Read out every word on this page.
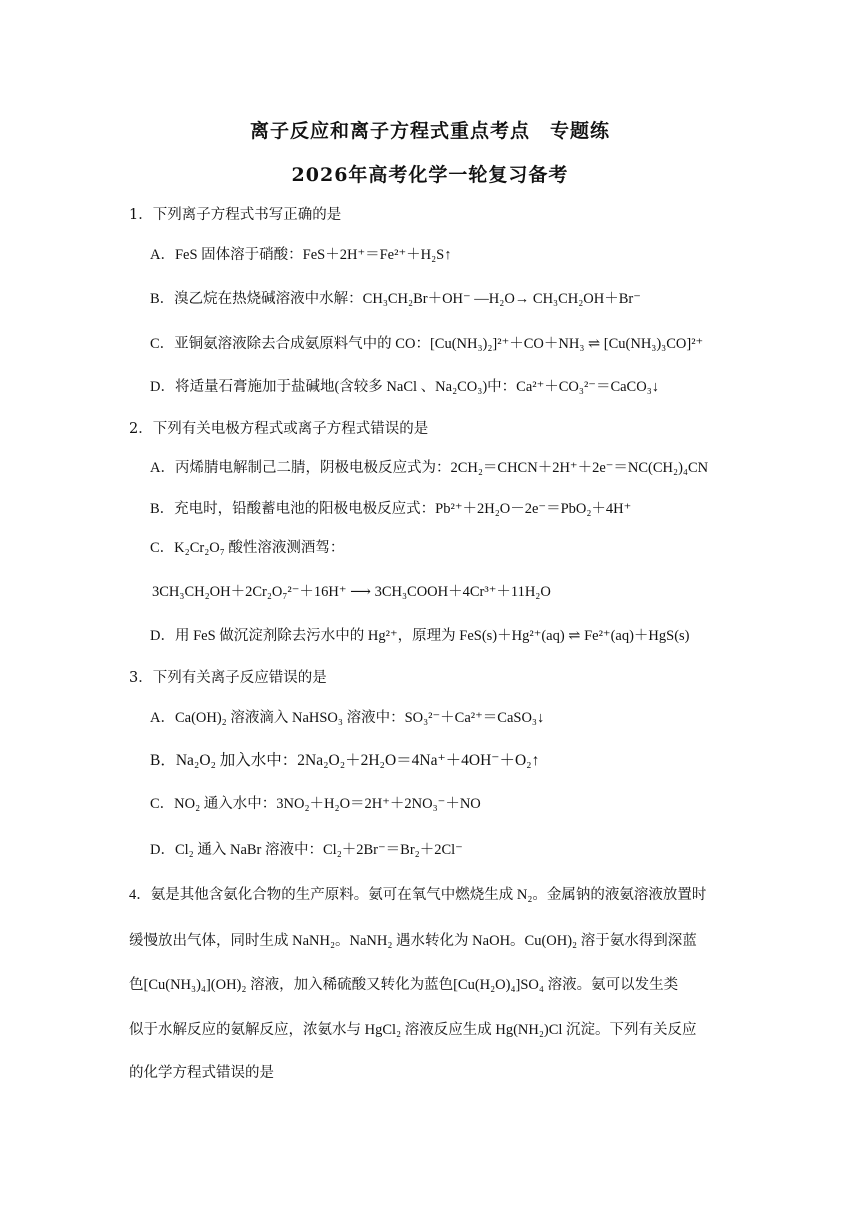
离子反应和离子方程式重点考点　专题练
2026年高考化学一轮复习备考
1．下列离子方程式书写正确的是
A．FeS 固体溶于硝酸：FeS＋2H⁺＝Fe²⁺＋H₂S↑
B．溴乙烷在热烧碱溶液中水解：CH₃CH₂Br＋OH⁻ —H₂O→ CH₃CH₂OH＋Br⁻
C．亚铜氨溶液除去合成氨原料气中的 CO：[Cu(NH₃)₂]²⁺＋CO＋NH₃ ⇌ [Cu(NH₃)₃CO]²⁺
D．将适量石膏施加于盐碱地(含较多 NaCl 、Na₂CO₃)中：Ca²⁺＋CO₃²⁻＝CaCO₃↓
2．下列有关电极方程式或离子方程式错误的是
A．丙烯腈电解制己二腈，阴极电极反应式为：2CH₂＝CHCN＋2H⁺＋2e⁻＝NC(CH₂)₄CN
B．充电时，铅酸蓄电池的阳极电极反应式：Pb²⁺＋2H₂O－2e⁻＝PbO₂＋4H⁺
C．K₂Cr₂O₇ 酸性溶液测酒驾：
3CH₃CH₂OH＋2Cr₂O₇²⁻＋16H⁺ ⟶ 3CH₃COOH＋4Cr³⁺＋11H₂O
D．用 FeS 做沉淀剂除去污水中的 Hg²⁺，原理为 FeS(s)＋Hg²⁺(aq) ⇌ Fe²⁺(aq)＋HgS(s)
3．下列有关离子反应错误的是
A．Ca(OH)₂ 溶液滴入 NaHSO₃ 溶液中：SO₃²⁻＋Ca²⁺＝CaSO₃↓
B．Na₂O₂ 加入水中：2Na₂O₂＋2H₂O＝4Na⁺＋4OH⁻＋O₂↑
C．NO₂ 通入水中：3NO₂＋H₂O＝2H⁺＋2NO₃⁻＋NO
D．Cl₂ 通入 NaBr 溶液中：Cl₂＋2Br⁻＝Br₂＋2Cl⁻
4．氨是其他含氨化合物的生产原料。氨可在氧气中燃烧生成 N₂。金属钠的液氨溶液放置时
缓慢放出气体，同时生成 NaNH₂。NaNH₂ 遇水转化为 NaOH。Cu(OH)₂ 溶于氨水得到深蓝
色[Cu(NH₃)₄](OH)₂ 溶液，加入稀硫酸又转化为蓝色[Cu(H₂O)₄]SO₄ 溶液。氨可以发生类
似于水解反应的氨解反应，浓氨水与 HgCl₂ 溶液反应生成 Hg(NH₂)Cl 沉淀。下列有关反应
的化学方程式错误的是
